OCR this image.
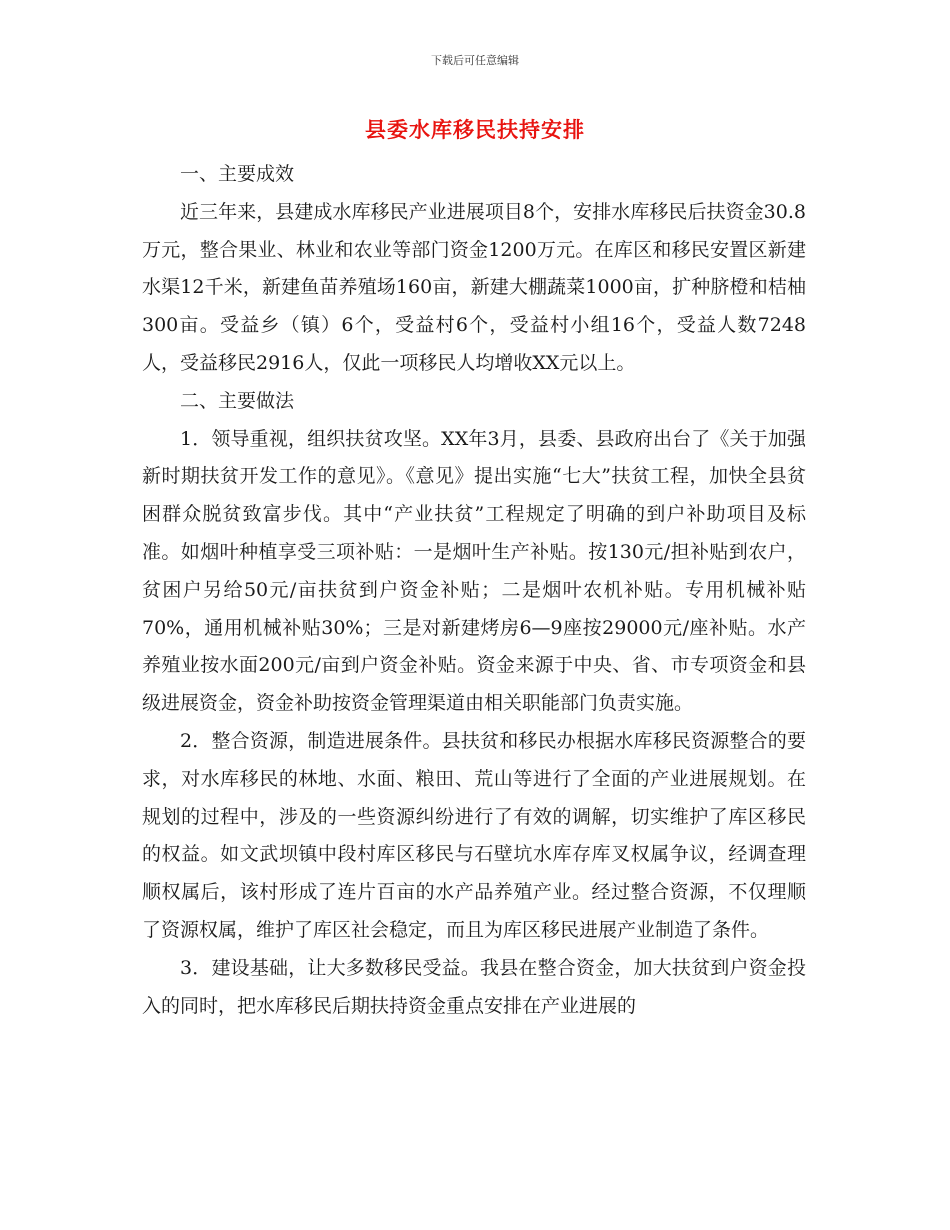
下载后可任意编辑
县委水库移民扶持安排

一、主要成效

近三年来，县建成水库移民产业进展项目8个，安排水库移民后扶资金30.8万元，整合果业、林业和农业等部门资金1200万元。在库区和移民安置区新建水渠12千米，新建鱼苗养殖场160亩，新建大棚蔬菜1000亩，扩种脐橙和桔柚300亩。受益乡（镇）6个，受益村6个，受益村小组16个，受益人数7248人，受益移民2916人，仅此一项移民人均增收XX元以上。

二、主要做法

1．领导重视，组织扶贫攻坚。XX年3月，县委、县政府出台了《关于加强新时期扶贫开发工作的意见》。《意见》提出实施“七大”扶贫工程，加快全县贫困群众脱贫致富步伐。其中“产业扶贫”工程规定了明确的到户补助项目及标准。如烟叶种植享受三项补贴：一是烟叶生产补贴。按130元/担补贴到农户，贫困户另给50元/亩扶贫到户资金补贴；二是烟叶农机补贴。专用机械补贴70%，通用机械补贴30%；三是对新建烤房6—9座按29000元/座补贴。水产养殖业按水面200元/亩到户资金补贴。资金来源于中央、省、市专项资金和县级进展资金，资金补助按资金管理渠道由相关职能部门负责实施。

2．整合资源，制造进展条件。县扶贫和移民办根据水库移民资源整合的要求，对水库移民的林地、水面、粮田、荒山等进行了全面的产业进展规划。在规划的过程中，涉及的一些资源纠纷进行了有效的调解，切实维护了库区移民的权益。如文武坝镇中段村库区移民与石壁坑水库存库叉权属争议，经调查理顺权属后，该村形成了连片百亩的水产品养殖产业。经过整合资源，不仅理顺了资源权属，维护了库区社会稳定，而且为库区移民进展产业制造了条件。

3．建设基础，让大多数移民受益。我县在整合资金，加大扶贫到户资金投入的同时，把水库移民后期扶持资金重点安排在产业进展的
